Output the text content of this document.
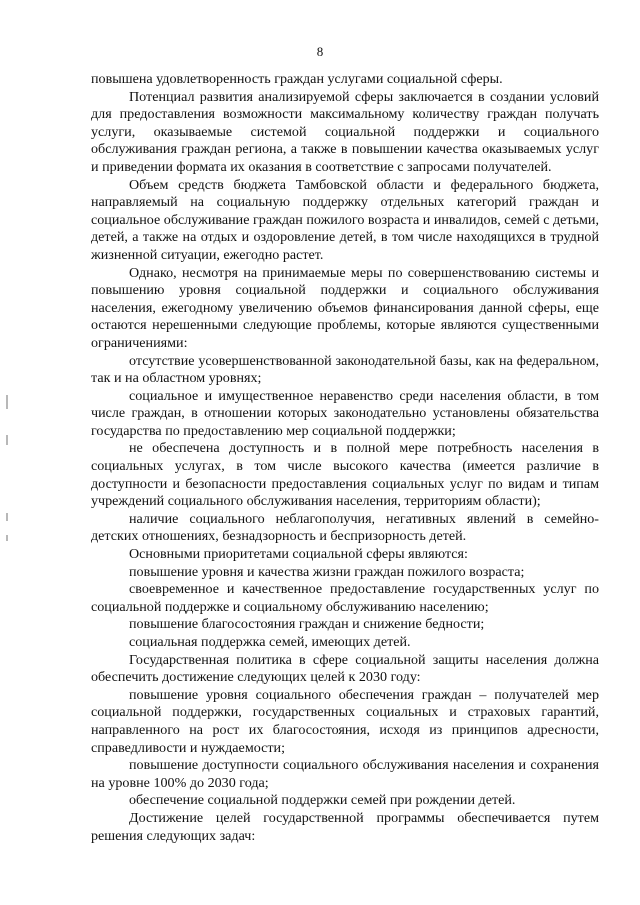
8

повышена удовлетворенность граждан услугами социальной сферы.

Потенциал развития анализируемой сферы заключается в создании условий для предоставления возможности максимальному количеству граждан получать услуги, оказываемые системой социальной поддержки и социального обслуживания граждан региона, а также в повышении качества оказываемых услуг и приведении формата их оказания в соответствие с запросами получателей.

Объем средств бюджета Тамбовской области и федерального бюджета, направляемый на социальную поддержку отдельных категорий граждан и социальное обслуживание граждан пожилого возраста и инвалидов, семей с детьми, детей, а также на отдых и оздоровление детей, в том числе находящихся в трудной жизненной ситуации, ежегодно растет.

Однако, несмотря на принимаемые меры по совершенствованию системы и повышению уровня социальной поддержки и социального обслуживания населения, ежегодному увеличению объемов финансирования данной сферы, еще остаются нерешенными следующие проблемы, которые являются существенными ограничениями:

отсутствие усовершенствованной законодательной базы, как на федеральном, так и на областном уровнях;

социальное и имущественное неравенство среди населения области, в том числе граждан, в отношении которых законодательно установлены обязательства государства по предоставлению мер социальной поддержки;

не обеспечена доступность и в полной мере потребность населения в социальных услугах, в том числе высокого качества (имеется различие в доступности и безопасности предоставления социальных услуг по видам и типам учреждений социального обслуживания населения, территориям области);

наличие социального неблагополучия, негативных явлений в семейно-детских отношениях, безнадзорность и беспризорность детей.

Основными приоритетами социальной сферы являются:

повышение уровня и качества жизни граждан пожилого возраста;

своевременное и качественное предоставление государственных услуг по социальной поддержке и социальному обслуживанию населению;

повышение благосостояния граждан и снижение бедности;

социальная поддержка семей, имеющих детей.

Государственная политика в сфере социальной защиты населения должна обеспечить достижение следующих целей к 2030 году:

повышение уровня социального обеспечения граждан – получателей мер социальной поддержки, государственных социальных и страховых гарантий, направленного на рост их благосостояния, исходя из принципов адресности, справедливости и нуждаемости;

повышение доступности социального обслуживания населения и сохранения на уровне 100% до 2030 года;

обеспечение социальной поддержки семей при рождении детей.

Достижение целей государственной программы обеспечивается путем решения следующих задач:
